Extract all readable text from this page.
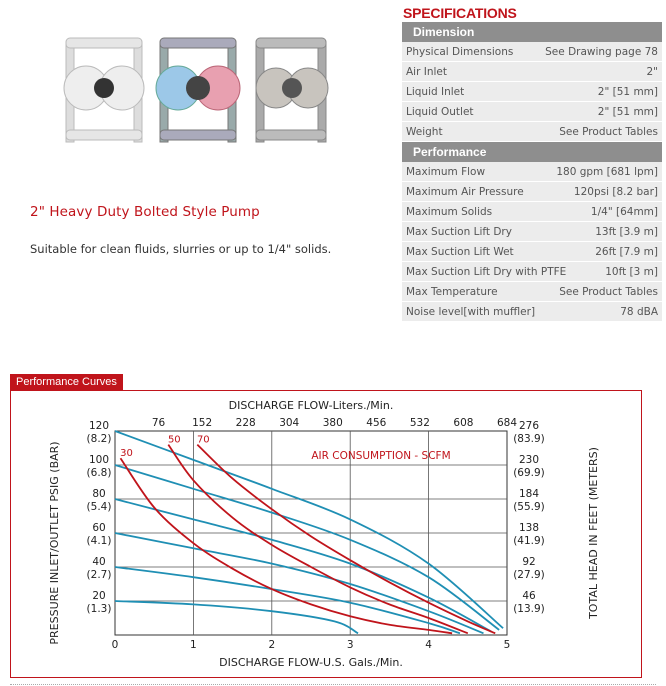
2" Heavy Duty Bolted Style Pump
Suitable for clean fluids, slurries or up to 1/4" solids.
SPECIFICATIONS
Dimension
Physical Dimensions	See Drawing page 78
Air Inlet	2"
Liquid Inlet	2" [51 mm]
Liquid Outlet	2" [51 mm]
Weight	See Product Tables
Performance
Maximum Flow	180 gpm [681 lpm]
Maximum Air Pressure	120psi [8.2 bar]
Maximum Solids	1/4" [64mm]
Max Suction Lift Dry	13ft [3.9 m]
Max Suction Lift Wet	26ft [7.9 m]
Max Suction Lift Dry with PTFE	10ft [3 m]
Max Temperature	See Product Tables
Noise level[with muffler]	78 dBA
Performance Curves
0	1	2	3	4	5
76	152 228 304 380 456 532 608 684
20
(1.3)
46
(13.9)
40
(2.7)
92
(27.9)
60
(4.1)
138
(41.9)
80
(5.4)
184
(55.9)
100
(6.8)
230
(69.9)
120
(8.2)
276
(83.9)
30
50 70
DISCHARGE FLOW-Liters./Min.
DISCHARGE FLOW-U.S. Gals./Min.
PRESSURE INLET/OUTLET PSIG (BAR)	TOTAL HEAD IN FEET (METERS)
AIR CONSUMPTION - SCFM
